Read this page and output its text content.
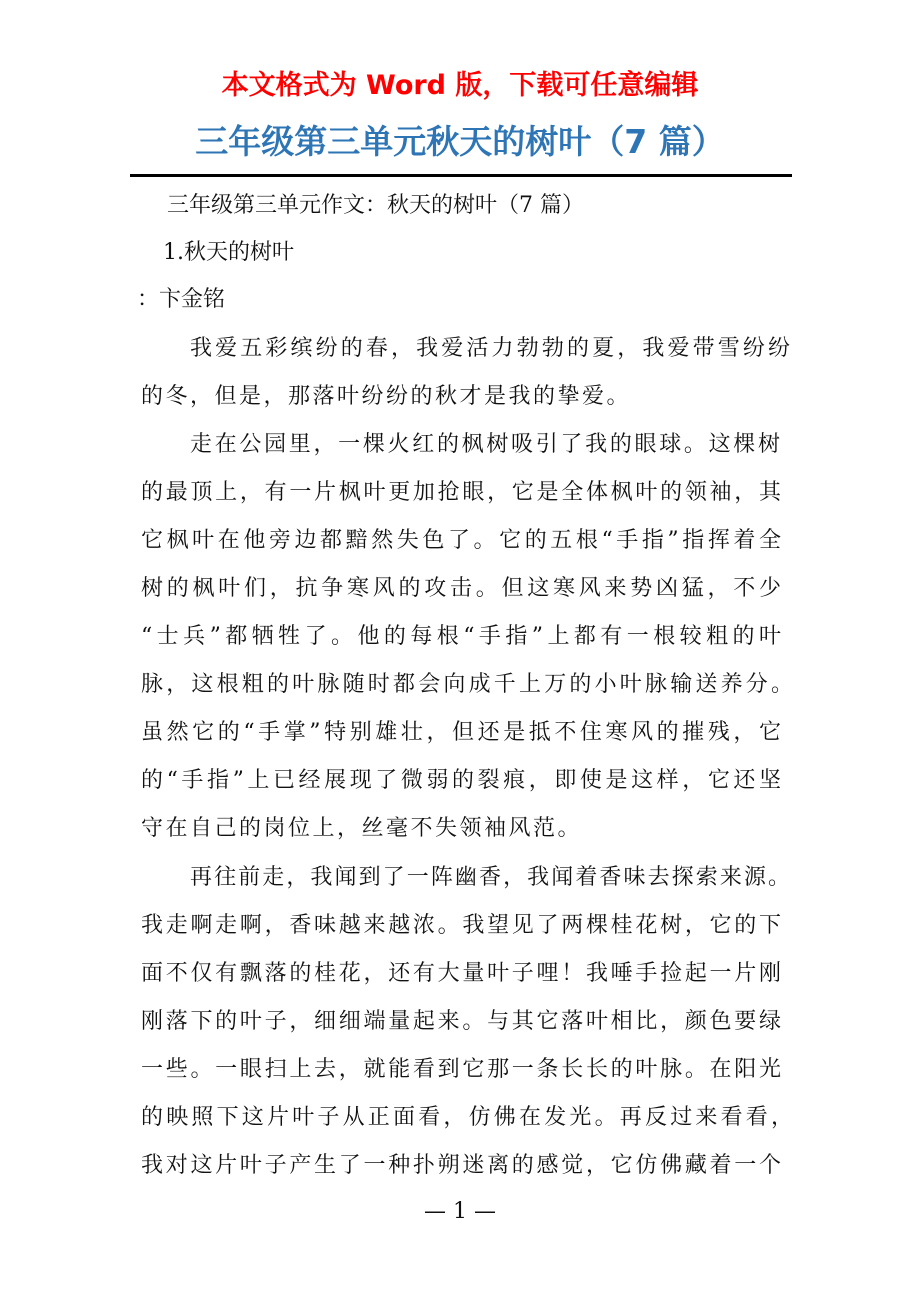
本文格式为 Word 版，下载可任意编辑
三年级第三单元秋天的树叶（7 篇）
三年级第三单元作文：秋天的树叶（7 篇）
1.秋天的树叶
：卞金铭
我爱五彩缤纷的春，我爱活力勃勃的夏，我爱带雪纷纷
的冬，但是，那落叶纷纷的秋才是我的挚爱。
走在公园里，一棵火红的枫树吸引了我的眼球。这棵树
的最顶上，有一片枫叶更加抢眼，它是全体枫叶的领袖，其
它枫叶在他旁边都黯然失色了。它的五根“手指”指挥着全
树的枫叶们，抗争寒风的攻击。但这寒风来势凶猛，不少
“士兵”都牺牲了。他的每根“手指”上都有一根较粗的叶
脉，这根粗的叶脉随时都会向成千上万的小叶脉输送养分。
虽然它的“手掌”特别雄壮，但还是抵不住寒风的摧残，它
的“手指”上已经展现了微弱的裂痕，即使是这样，它还坚
守在自己的岗位上，丝毫不失领袖风范。
再往前走，我闻到了一阵幽香，我闻着香味去探索来源。
我走啊走啊，香味越来越浓。我望见了两棵桂花树，它的下
面不仅有飘落的桂花，还有大量叶子哩！我唾手捡起一片刚
刚落下的叶子，细细端量起来。与其它落叶相比，颜色要绿
一些。一眼扫上去，就能看到它那一条长长的叶脉。在阳光
的映照下这片叶子从正面看，仿佛在发光。再反过来看看，
我对这片叶子产生了一种扑朔迷离的感觉，它仿佛藏着一个
— 1 —
